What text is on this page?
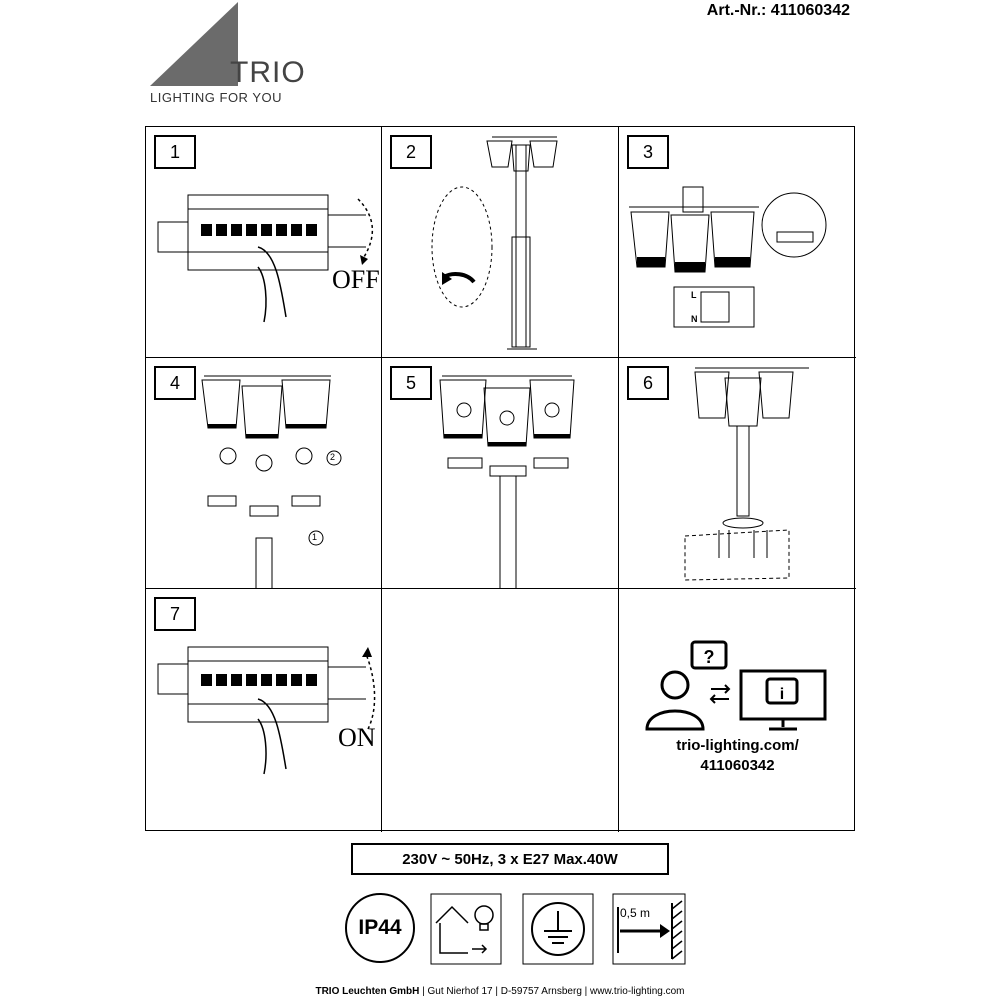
Art.-Nr.: 411060342
TRIO
LIGHTING FOR YOU
1
OFF
2	3
L
N
4
2
1
5	6
7
ON
?
i
trio-lighting.com/
411060342
230V ~ 50Hz, 3 x E27 Max.40W
IP44
0,5 m
TRIO Leuchten GmbH | Gut Nierhof 17 | D-59757 Arnsberg | www.trio-lighting.com
